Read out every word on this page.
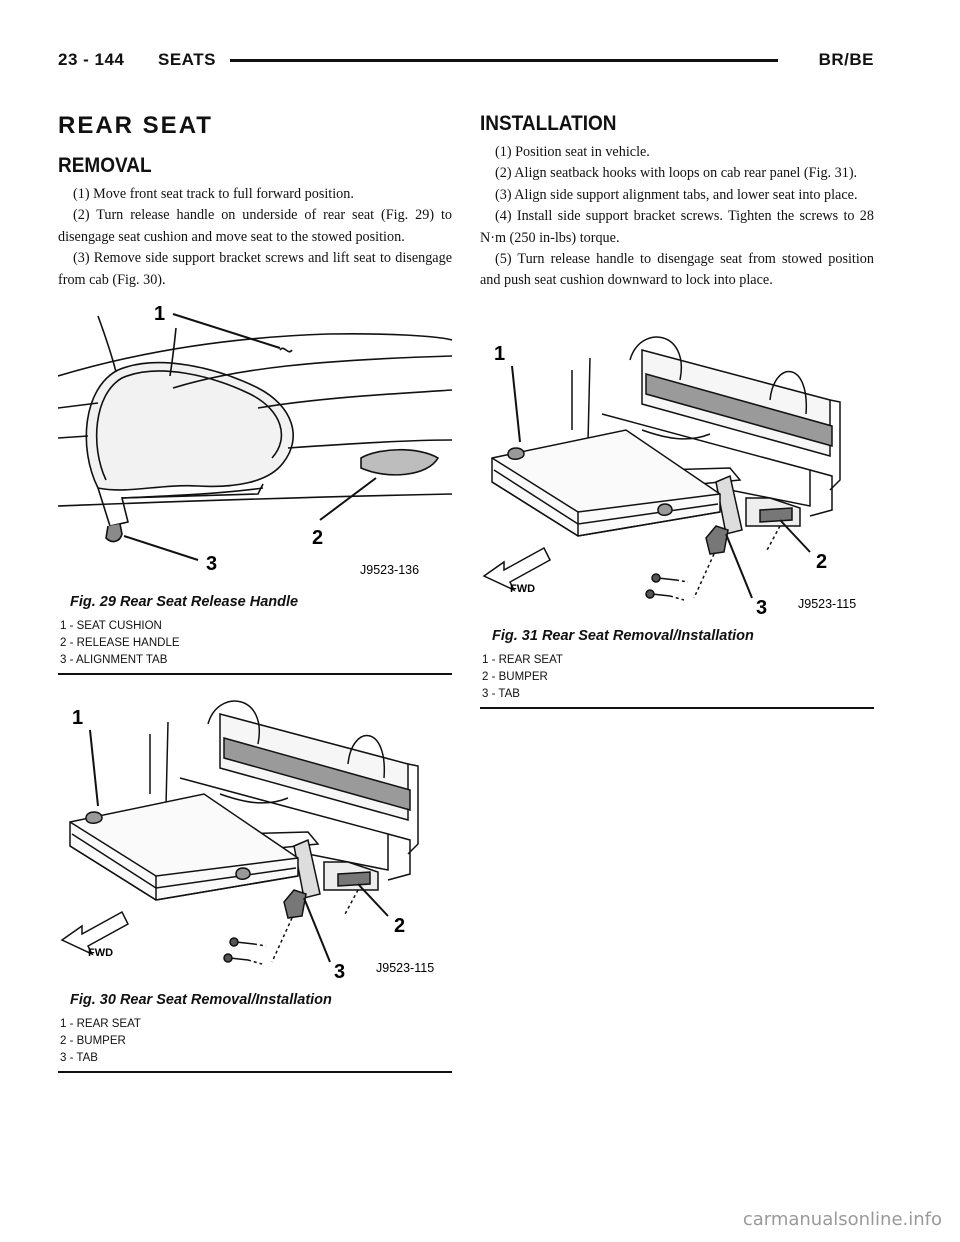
23 - 144 SEATS	BR/BE
REAR SEAT
REMOVAL

(1) Move front seat track to full forward position.

(2) Turn release handle on underside of rear seat (Fig. 29) to disengage seat cushion and move seat to the stowed position.

(3) Remove side support bracket screws and lift seat to disengage from cab (Fig. 30).

INSTALLATION

(1) Position seat in vehicle.

(2) Align seatback hooks with loops on cab rear panel (Fig. 31).

(3) Align side support alignment tabs, and lower seat into place.

(4) Install side support bracket screws. Tighten the screws to 28 N·m (250 in-lbs) torque.

(5) Turn release handle to disengage seat from stowed position and push seat cushion downward to lock into place.

1
2
3	J9523-136
Fig. 29 Rear Seat Release Handle
1 - SEAT CUSHION
2 - RELEASE HANDLE
3 - ALIGNMENT TAB
1
2
3
FWD
J9523-115
Fig. 30 Rear Seat Removal/Installation
1 - REAR SEAT
2 - BUMPER
3 - TAB
1
2
3
FWD
J9523-115
Fig. 31 Rear Seat Removal/Installation
1 - REAR SEAT
2 - BUMPER
3 - TAB
carmanualsonline.info
